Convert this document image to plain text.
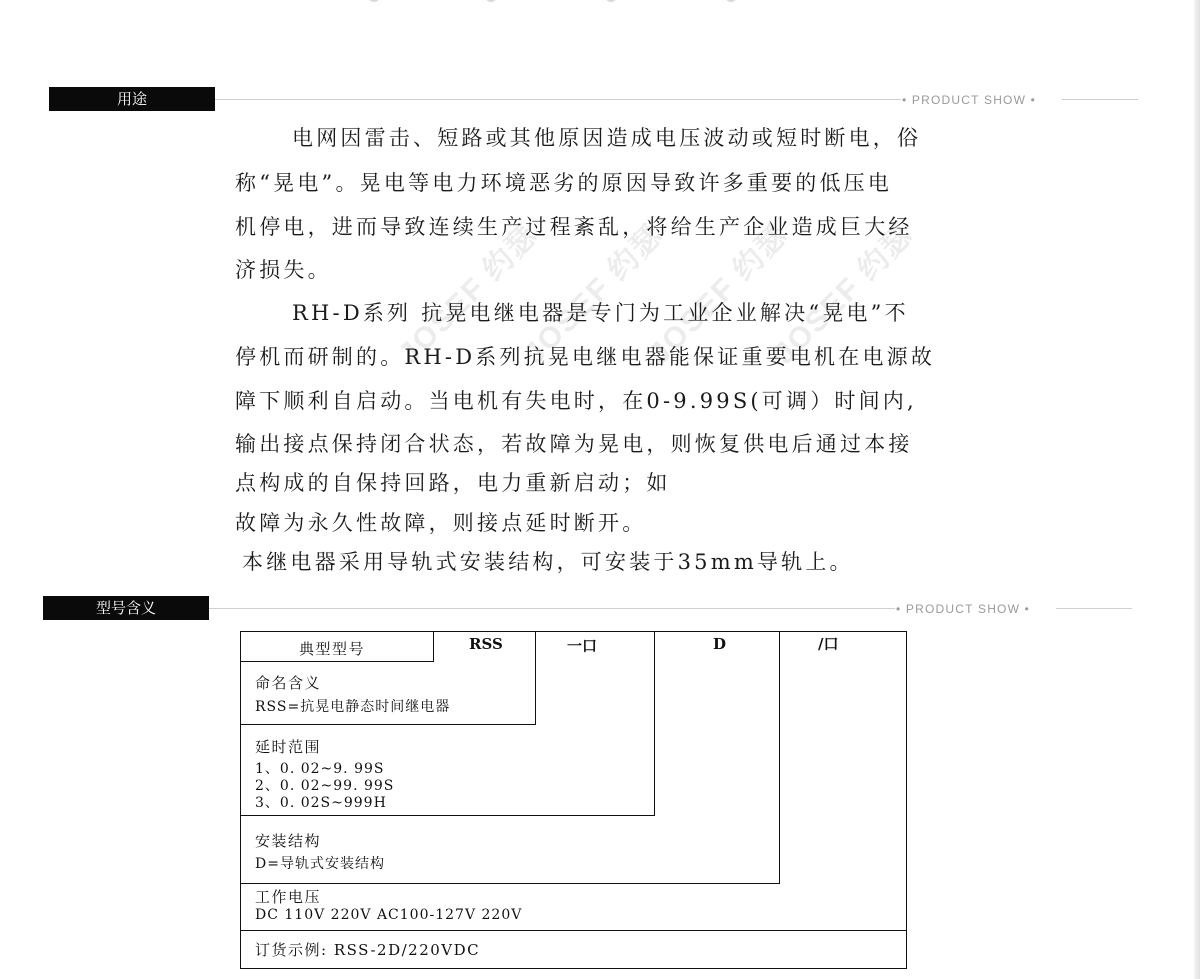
用途	• PRODUCT SHOW •
JOSEF 约瑟
JOSEF 约瑟
JOSEF 约瑟
JOSEF 约瑟
电网因雷击、短路或其他原因造成电压波动或短时断电，俗
称“晃电”。晃电等电力环境恶劣的原因导致许多重要的低压电
机停电，进而导致连续生产过程紊乱，将给生产企业造成巨大经
济损失。
RH-D系列 抗晃电继电器是专门为工业企业解决“晃电”不
停机而研制的。RH-D系列抗晃电继电器能保证重要电机在电源故
障下顺利自启动。当电机有失电时，在0-9.99S(可调）时间内,
输出接点保持闭合状态，若故障为晃电，则恢复供电后通过本接
点构成的自保持回路，电力重新启动；如
故障为永久性故障，则接点延时断开。
本继电器采用导轨式安装结构，可安装于35mm导轨上。
型号含义	• PRODUCT SHOW •
典型型号	RSS	一口	D	/口
命名含义
RSS=抗晃电静态时间继电器
延时范围
1、0. 02~9. 99S
2、0. 02~99. 99S
3、0. 02S~999H
安装结构
D=导轨式安装结构
工作电压
DC 110V 220V AC100-127V 220V
订货示例: RSS-2D/220VDC
